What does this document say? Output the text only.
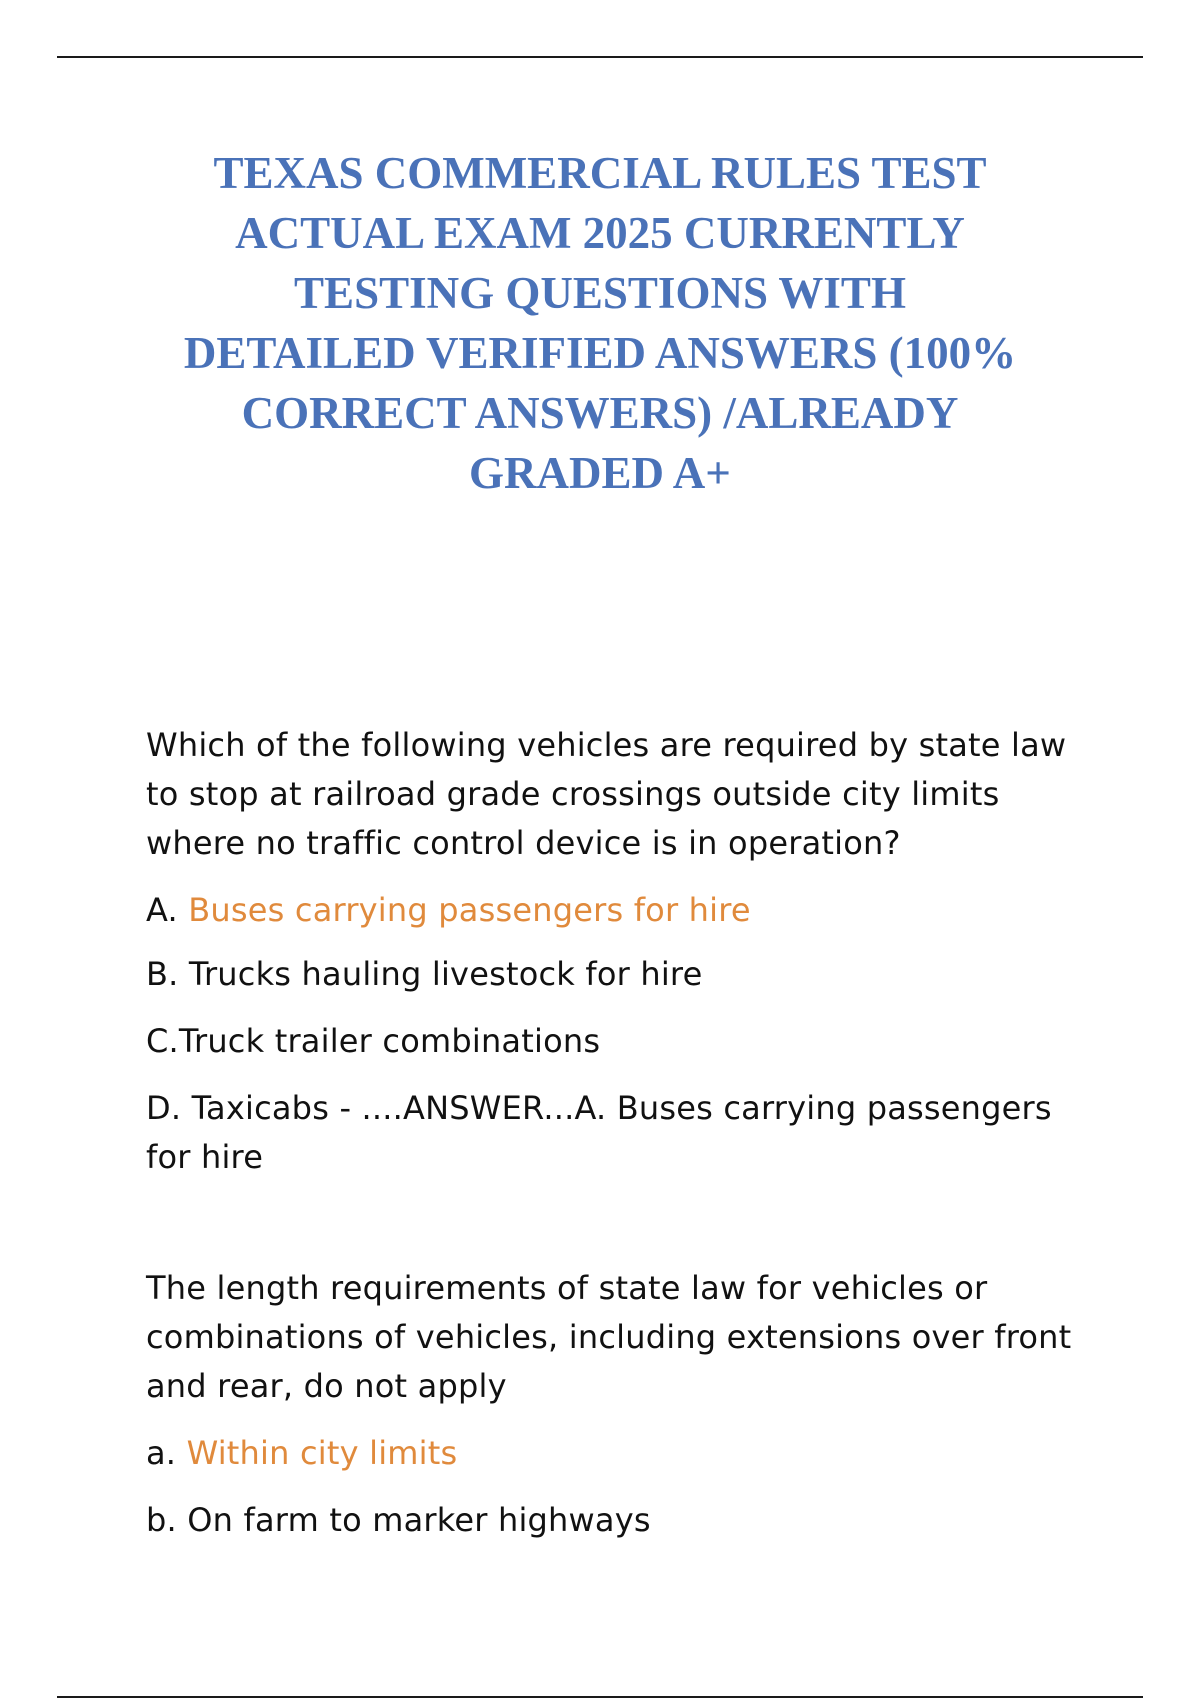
TEXAS COMMERCIAL RULES TEST
ACTUAL EXAM 2025 CURRENTLY
TESTING QUESTIONS WITH
DETAILED VERIFIED ANSWERS (100%
CORRECT ANSWERS) /ALREADY
GRADED A+

Which of the following vehicles are required by state law to stop at railroad grade crossings outside city limits where no traffic control device is in operation?

A. Buses carrying passengers for hire

B. Trucks hauling livestock for hire

C.Truck trailer combinations

D. Taxicabs - ....ANSWER...A. Buses carrying passengers for hire

The length requirements of state law for vehicles or combinations of vehicles, including extensions over front and rear, do not apply

a. Within city limits

b. On farm to marker highways
